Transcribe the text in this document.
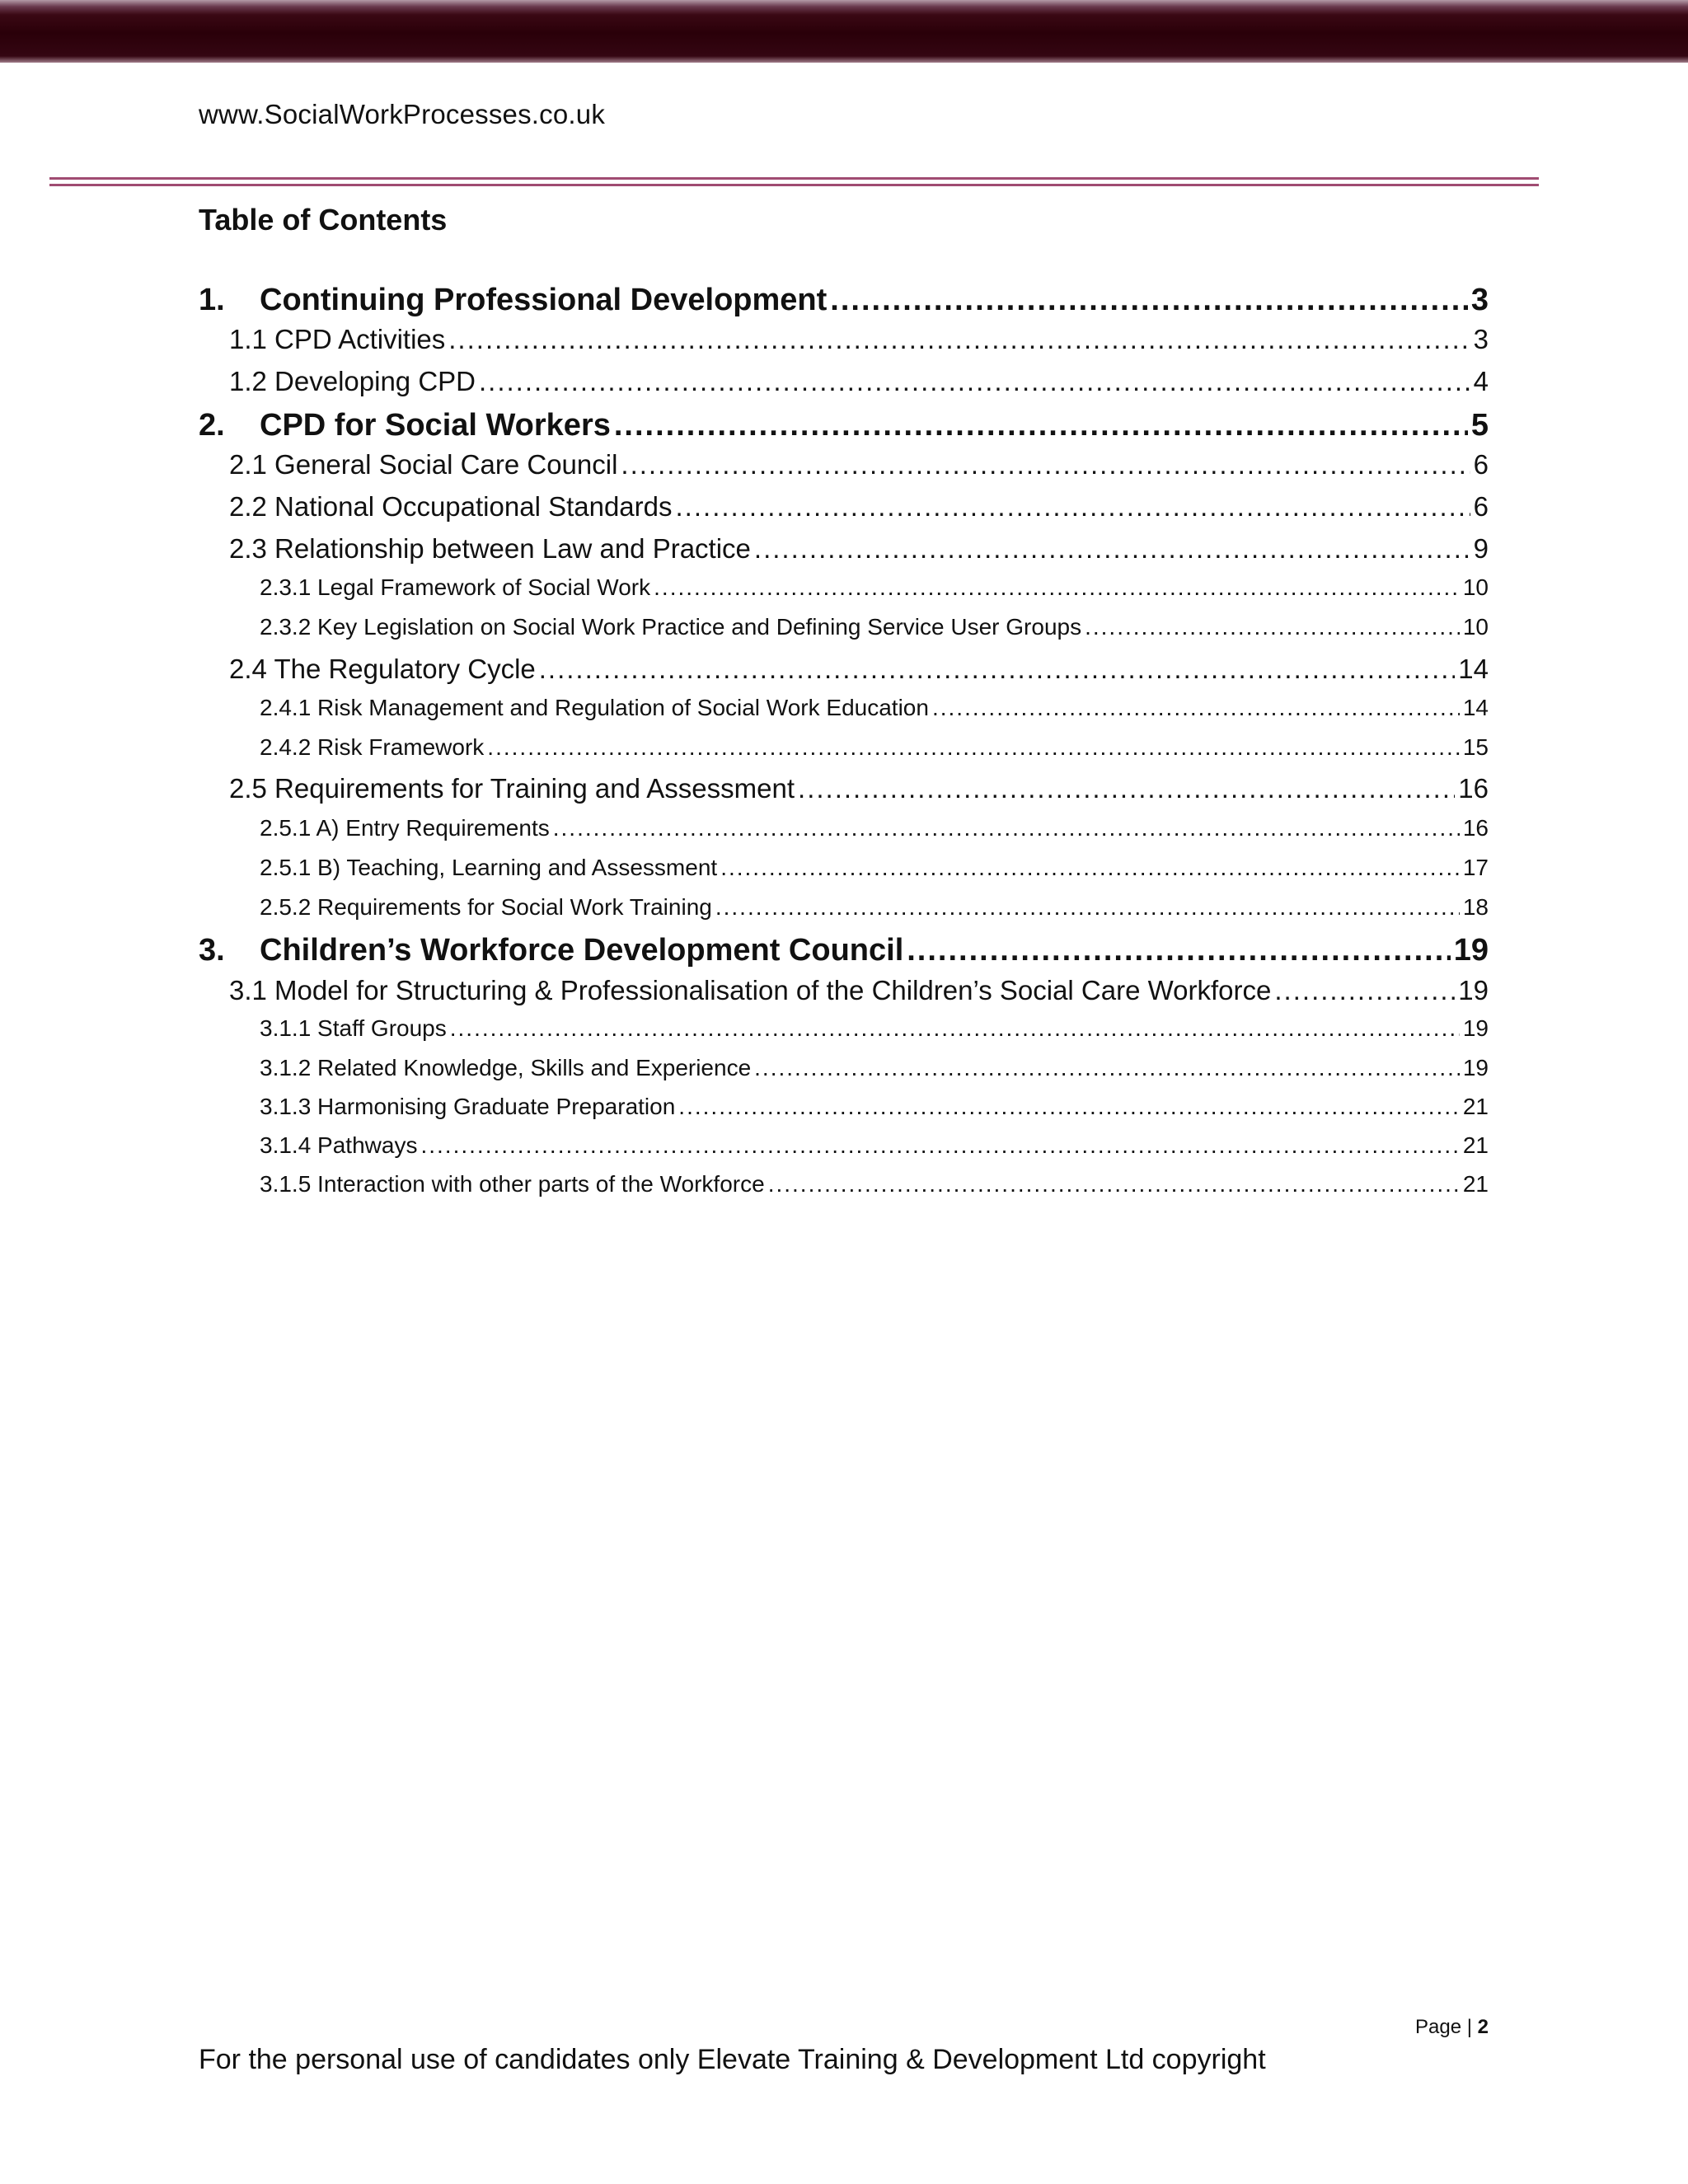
www.SocialWorkProcesses.co.uk
Table of Contents
1. Continuing Professional Development .....	3
1.1 CPD Activities .....	3
1.2 Developing CPD .....	4
2. CPD for Social Workers .....	5
2.1 General Social Care Council .....	6
2.2 National Occupational Standards .....	6
2.3 Relationship between Law and Practice .....	9
2.3.1 Legal Framework of Social Work .....	10
2.3.2 Key Legislation on Social Work Practice and Defining Service User Groups .....	10
2.4 The Regulatory Cycle .....	14
2.4.1 Risk Management and Regulation of Social Work Education .....	14
2.4.2 Risk Framework .....	15
2.5 Requirements for Training and Assessment .....	16
2.5.1 A) Entry Requirements .....	16
2.5.1 B) Teaching, Learning and Assessment .....	17
2.5.2 Requirements for Social Work Training .....	18
3. Children’s Workforce Development Council .....	19
3.1 Model for Structuring & Professionalisation of the Children’s Social Care Workforce .....	19
3.1.1 Staff Groups .....	19
3.1.2 Related Knowledge, Skills and Experience .....	19
3.1.3 Harmonising Graduate Preparation .....	21
3.1.4 Pathways .....	21
3.1.5 Interaction with other parts of the Workforce .....	21
Page | 2
For the personal use of candidates only Elevate Training & Development Ltd copyright
